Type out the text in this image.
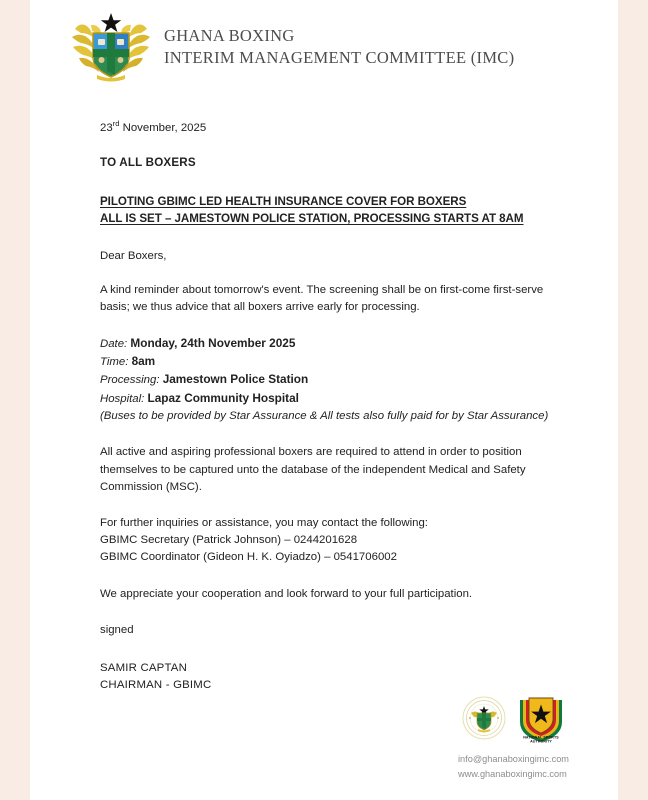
GHANA BOXING
INTERIM MANAGEMENT COMMITTEE (IMC)
23rd November, 2025
TO ALL BOXERS
PILOTING GBIMC LED HEALTH INSURANCE COVER FOR BOXERS
ALL IS SET – JAMESTOWN POLICE STATION, PROCESSING STARTS AT 8AM
Dear Boxers,
A kind reminder about tomorrow's event. The screening shall be on first-come first-serve basis; we thus advice that all boxers arrive early for processing.
Date: Monday, 24th November 2025
Time: 8am
Processing: Jamestown Police Station
Hospital: Lapaz Community Hospital
(Buses to be provided by Star Assurance & All tests also fully paid for by Star Assurance)
All active and aspiring professional boxers are required to attend in order to position themselves to be captured unto the database of the independent Medical and Safety Commission (MSC).
For further inquiries or assistance, you may contact the following:
GBIMC Secretary (Patrick Johnson) – 0244201628
GBIMC Coordinator (Gideon H. K. Oyiadzo) – 0541706002
We appreciate your cooperation and look forward to your full participation.
signed
SAMIR CAPTAN
CHAIRMAN - GBIMC
NATIONAL SPORTS
AUTHORITY
info@ghanaboxingimc.com
www.ghanaboxingimc.com
